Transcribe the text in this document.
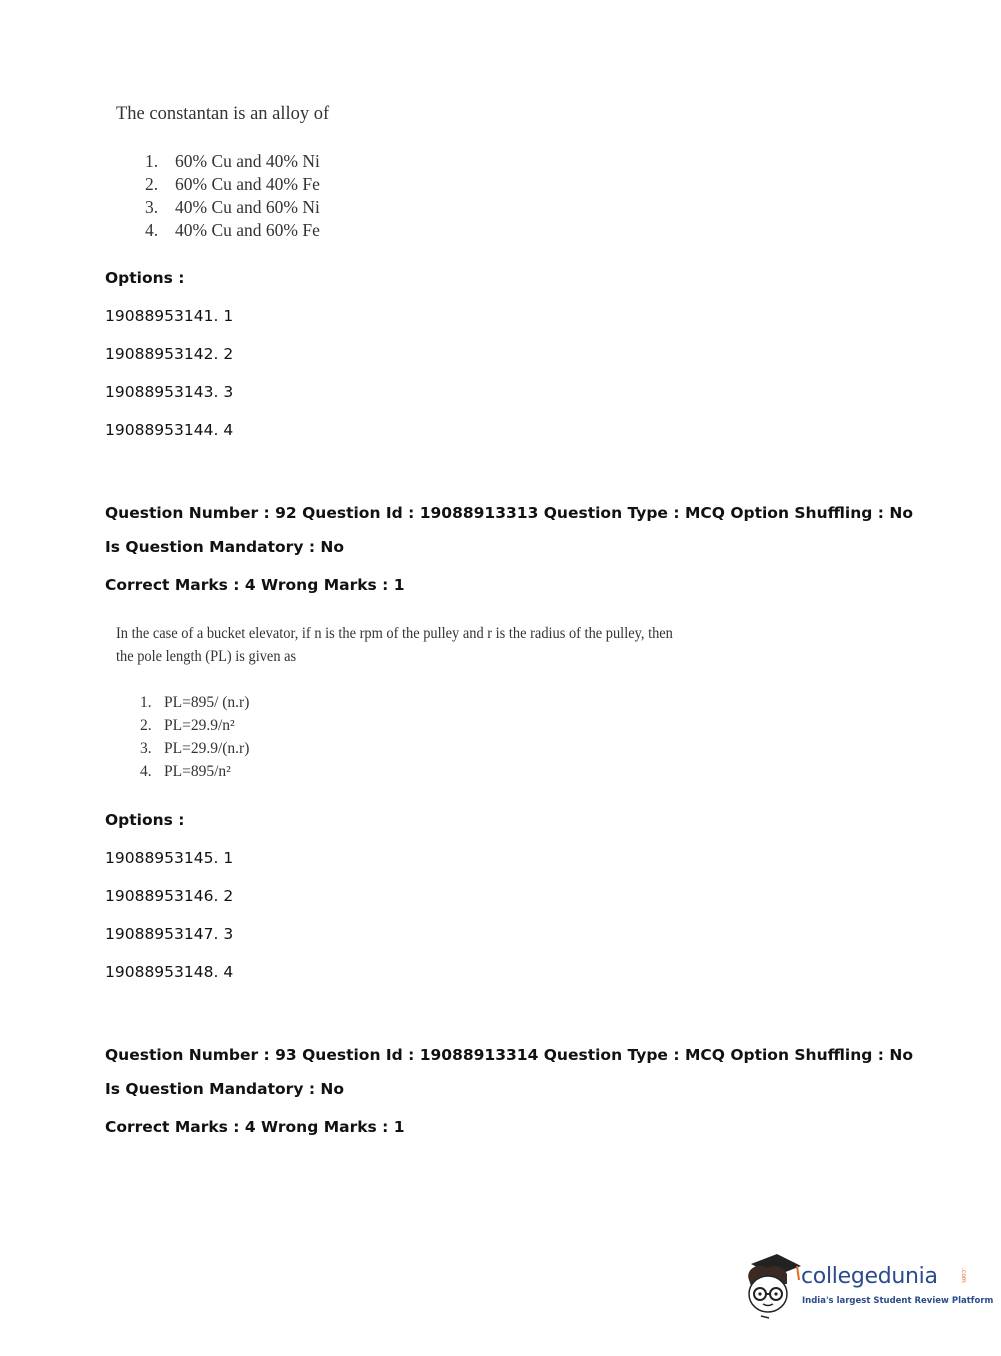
The constantan is an alloy of
1. 60% Cu and 40% Ni
2. 60% Cu and 40% Fe
3. 40% Cu and 60% Ni
4. 40% Cu and 60% Fe
Options :
19088953141. 1
19088953142. 2
19088953143. 3
19088953144. 4
Question Number : 92 Question Id : 19088913313 Question Type : MCQ Option Shuffling : No
Is Question Mandatory : No
Correct Marks : 4 Wrong Marks : 1
In the case of a bucket elevator, if n is the rpm of the pulley and r is the radius of the pulley, then
the pole length (PL) is given as
1. PL=895/ (n.r)
2. PL=29.9/n²
3. PL=29.9/(n.r)
4. PL=895/n²
Options :
19088953145. 1
19088953146. 2
19088953147. 3
19088953148. 4
Question Number : 93 Question Id : 19088913314 Question Type : MCQ Option Shuffling : No
Is Question Mandatory : No
Correct Marks : 4 Wrong Marks : 1
collegedunia	.com
India's largest Student Review Platform
